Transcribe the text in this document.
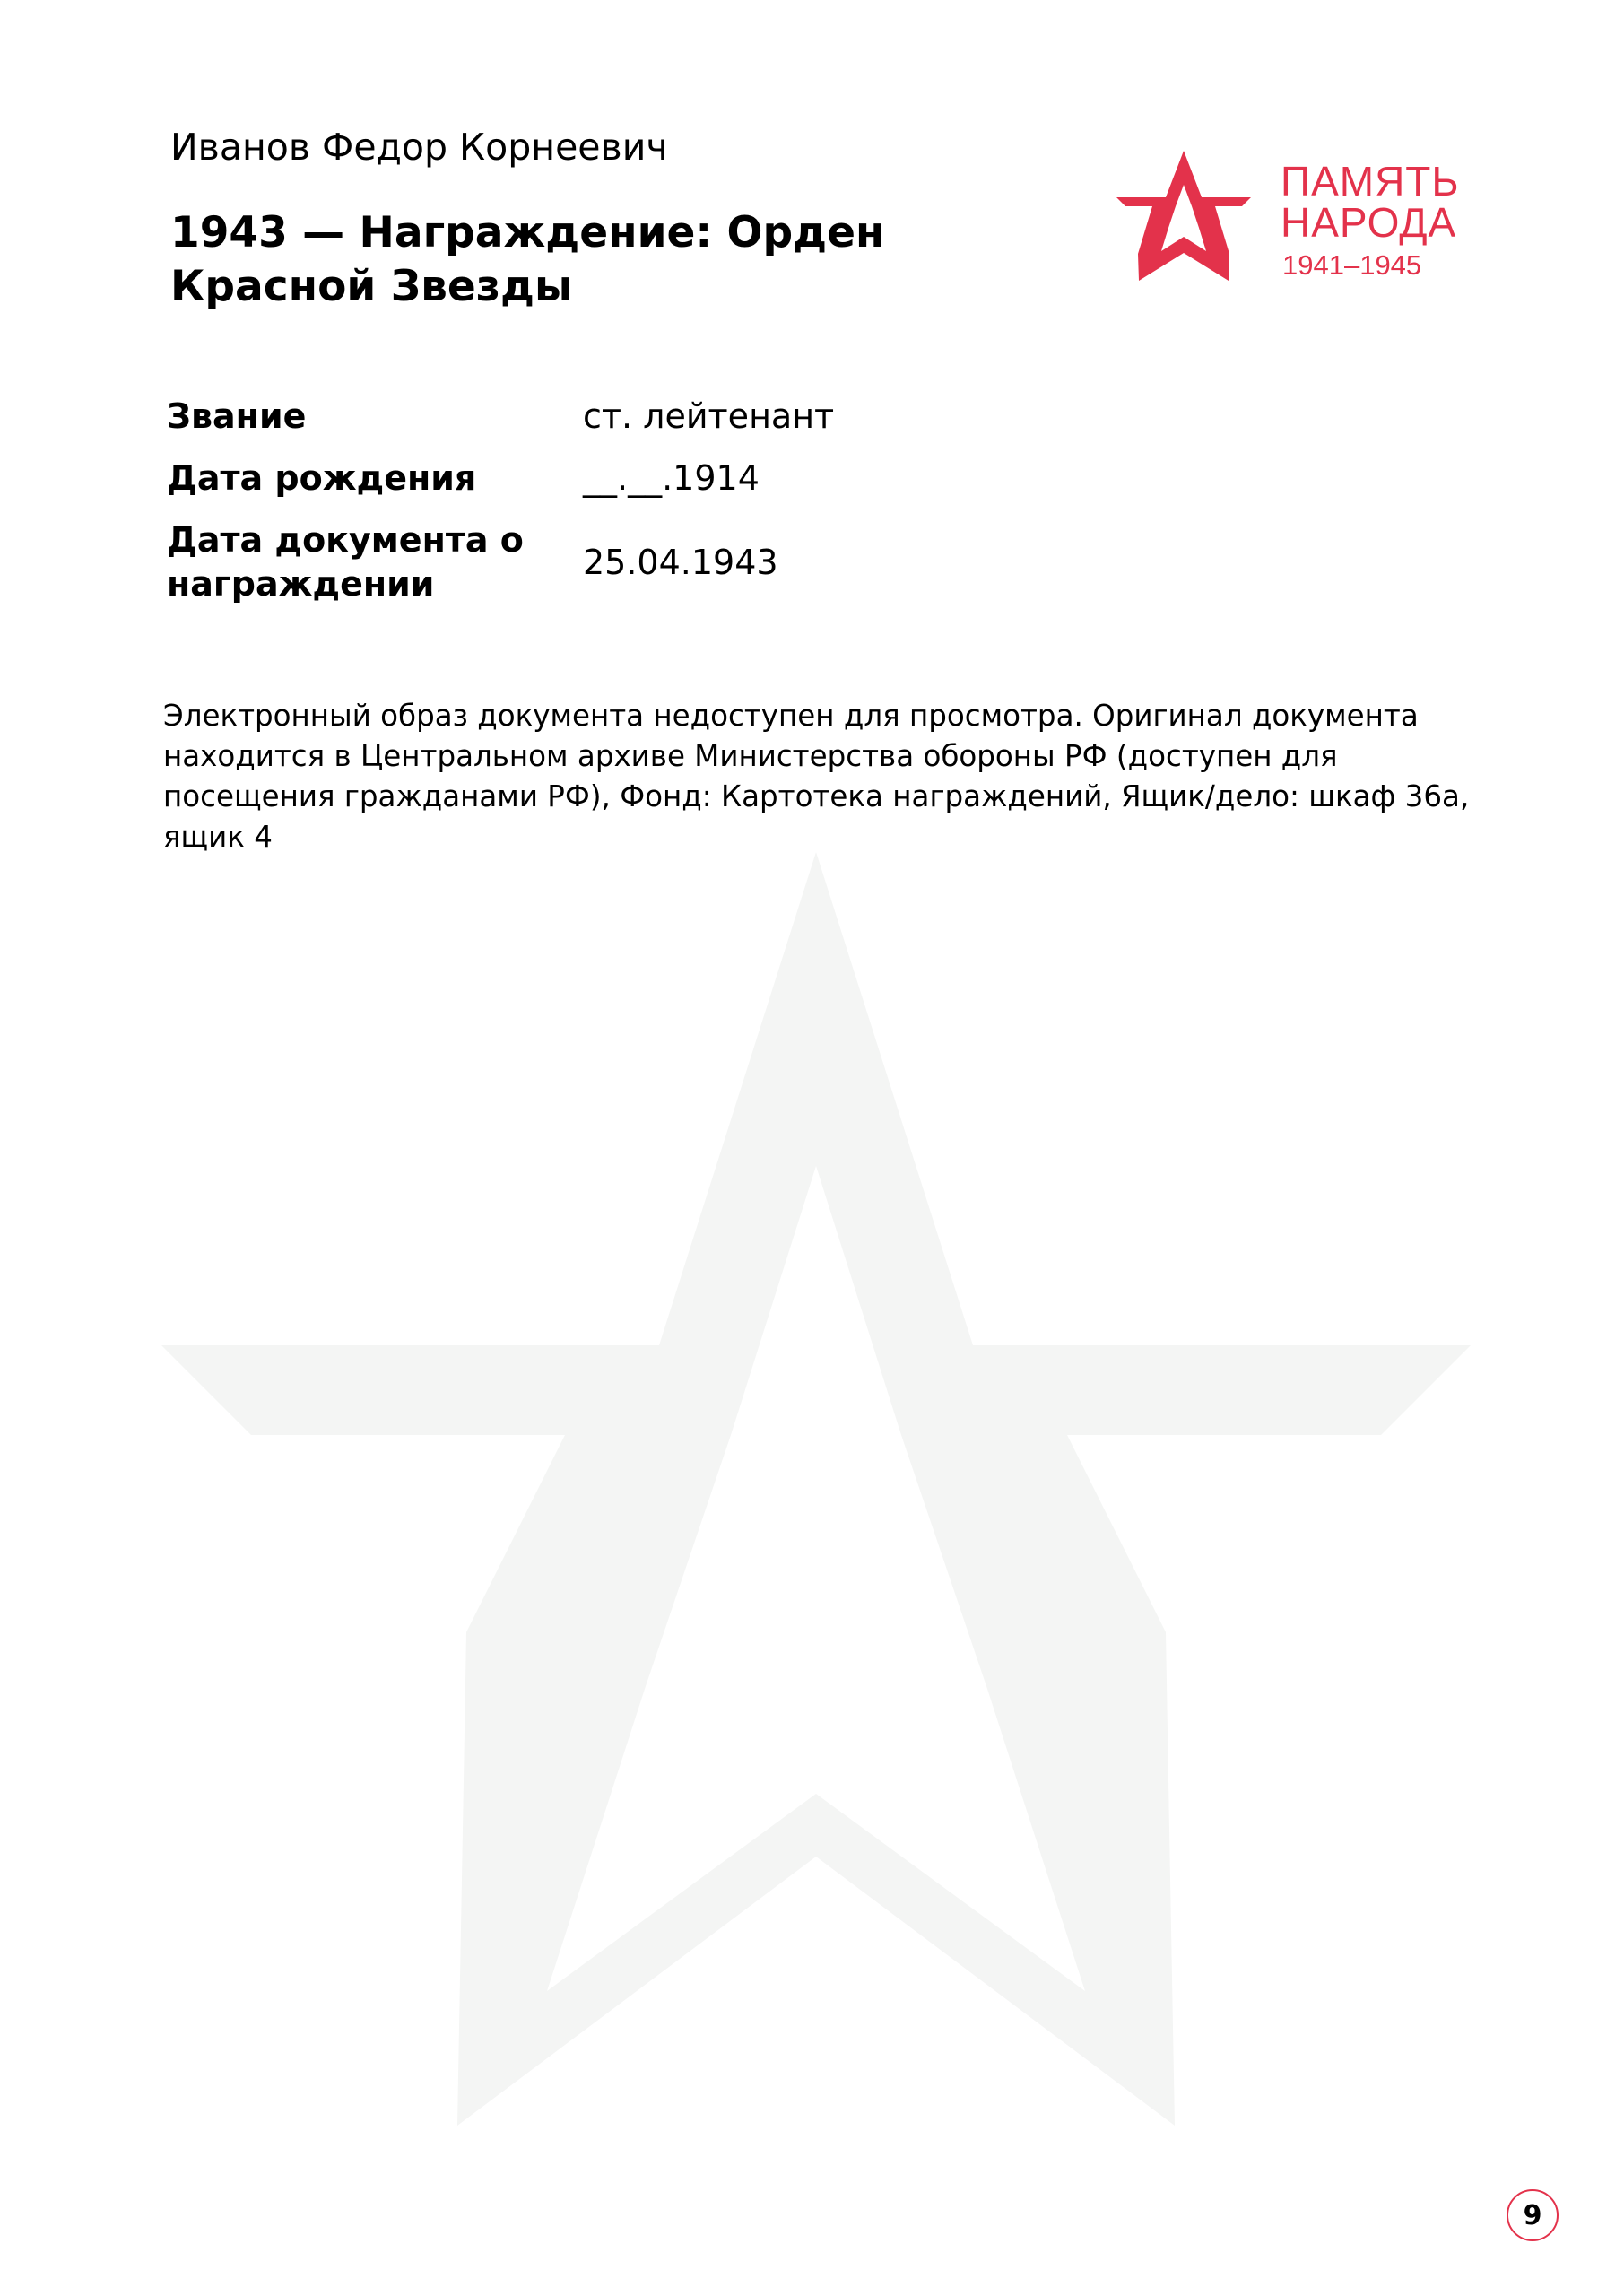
Иванов Федор Корнеевич
1943 — Награждение: Орден Красной Звезды
ПАМЯТЬ
НАРОДА
1941–1945
Звание	ст. лейтенант
Дата рождения	__.__.1914
Дата документа о награждении
25.04.1943

Электронный образ документа недоступен для просмотра. Оригинал документа находится в Центральном архиве Министерства обороны РФ (доступен для посещения гражданами РФ), Фонд: Картотека награждений, Ящик/дело: шкаф 36а, ящик 4

9
